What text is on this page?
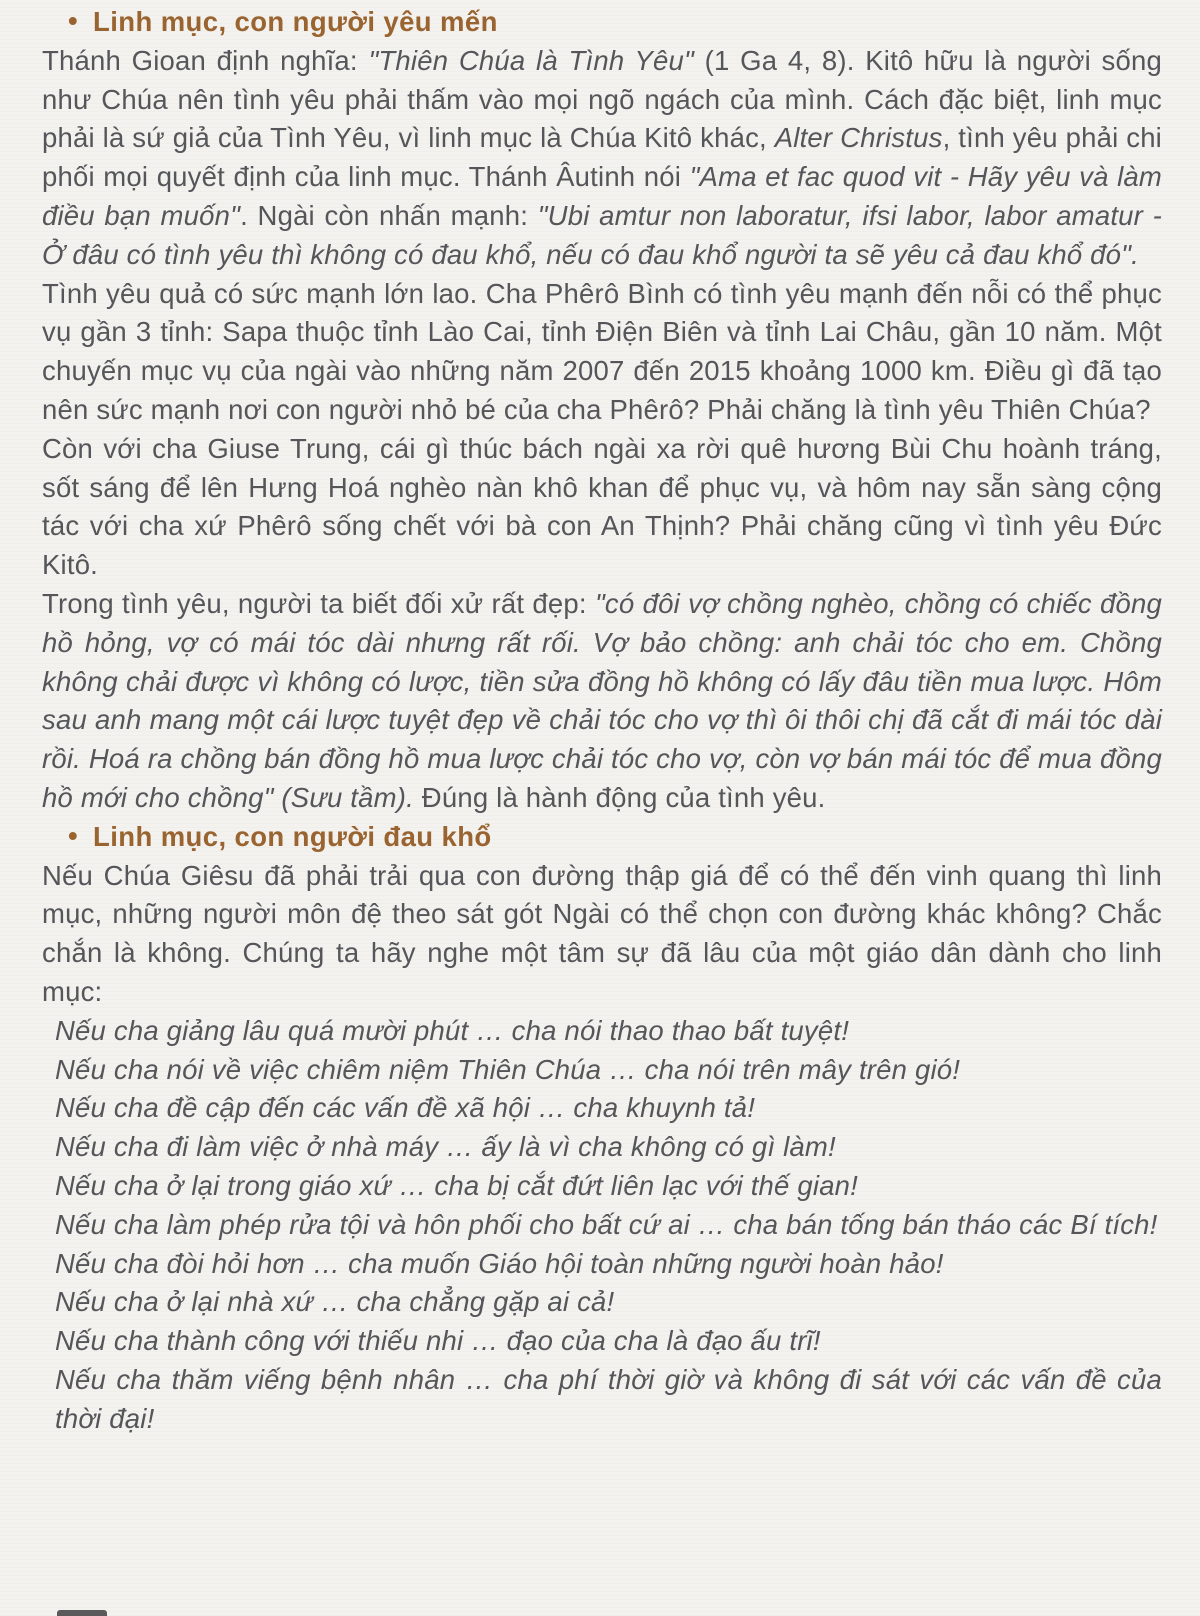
• Linh mục, con người yêu mến
Thánh Gioan định nghĩa: "Thiên Chúa là Tình Yêu" (1 Ga 4, 8). Kitô hữu là người sống như Chúa nên tình yêu phải thấm vào mọi ngõ ngách của mình. Cách đặc biệt, linh mục phải là sứ giả của Tình Yêu, vì linh mục là Chúa Kitô khác, Alter Christus, tình yêu phải chi phối mọi quyết định của linh mục. Thánh Âutinh nói "Ama et fac quod vit - Hãy yêu và làm điều bạn muốn". Ngài còn nhấn mạnh: "Ubi amtur non laboratur, ifsi labor, labor amatur - Ở đâu có tình yêu thì không có đau khổ, nếu có đau khổ người ta sẽ yêu cả đau khổ đó".
Tình yêu quả có sức mạnh lớn lao. Cha Phêrô Bình có tình yêu mạnh đến nỗi có thể phục vụ gần 3 tỉnh: Sapa thuộc tỉnh Lào Cai, tỉnh Điện Biên và tỉnh Lai Châu, gần 10 năm. Một chuyến mục vụ của ngài vào những năm 2007 đến 2015 khoảng 1000 km. Điều gì đã tạo nên sức mạnh nơi con người nhỏ bé của cha Phêrô? Phải chăng là tình yêu Thiên Chúa?
Còn với cha Giuse Trung, cái gì thúc bách ngài xa rời quê hương Bùi Chu hoành tráng, sốt sáng để lên Hưng Hoá nghèo nàn khô khan để phục vụ, và hôm nay sẵn sàng cộng tác với cha xứ Phêrô sống chết với bà con An Thịnh? Phải chăng cũng vì tình yêu Đức Kitô.
Trong tình yêu, người ta biết đối xử rất đẹp: "có đôi vợ chồng nghèo, chồng có chiếc đồng hồ hỏng, vợ có mái tóc dài nhưng rất rối. Vợ bảo chồng: anh chải tóc cho em. Chồng không chải được vì không có lược, tiền sửa đồng hồ không có lấy đâu tiền mua lược. Hôm sau anh mang một cái lược tuyệt đẹp về chải tóc cho vợ thì ôi thôi chị đã cắt đi mái tóc dài rồi. Hoá ra chồng bán đồng hồ mua lược chải tóc cho vợ, còn vợ bán mái tóc để mua đồng hồ mới cho chồng" (Sưu tầm). Đúng là hành động của tình yêu.
• Linh mục, con người đau khổ
Nếu Chúa Giêsu đã phải trải qua con đường thập giá để có thể đến vinh quang thì linh mục, những người môn đệ theo sát gót Ngài có thể chọn con đường khác không? Chắc chắn là không. Chúng ta hãy nghe một tâm sự đã lâu của một giáo dân dành cho linh mục:
Nếu cha giảng lâu quá mười phút … cha nói thao thao bất tuyệt!
Nếu cha nói về việc chiêm niệm Thiên Chúa … cha nói trên mây trên gió!
Nếu cha đề cập đến các vấn đề xã hội … cha khuynh tả!
Nếu cha đi làm việc ở nhà máy … ấy là vì cha không có gì làm!
Nếu cha ở lại trong giáo xứ … cha bị cắt đứt liên lạc với thế gian!
Nếu cha làm phép rửa tội và hôn phối cho bất cứ ai … cha bán tống bán tháo các Bí tích!
Nếu cha đòi hỏi hơn … cha muốn Giáo hội toàn những người hoàn hảo!
Nếu cha ở lại nhà xứ … cha chẳng gặp ai cả!
Nếu cha thành công với thiếu nhi … đạo của cha là đạo ấu trĩ!
Nếu cha thăm viếng bệnh nhân … cha phí thời giờ và không đi sát với các vấn đề của thời đại!
